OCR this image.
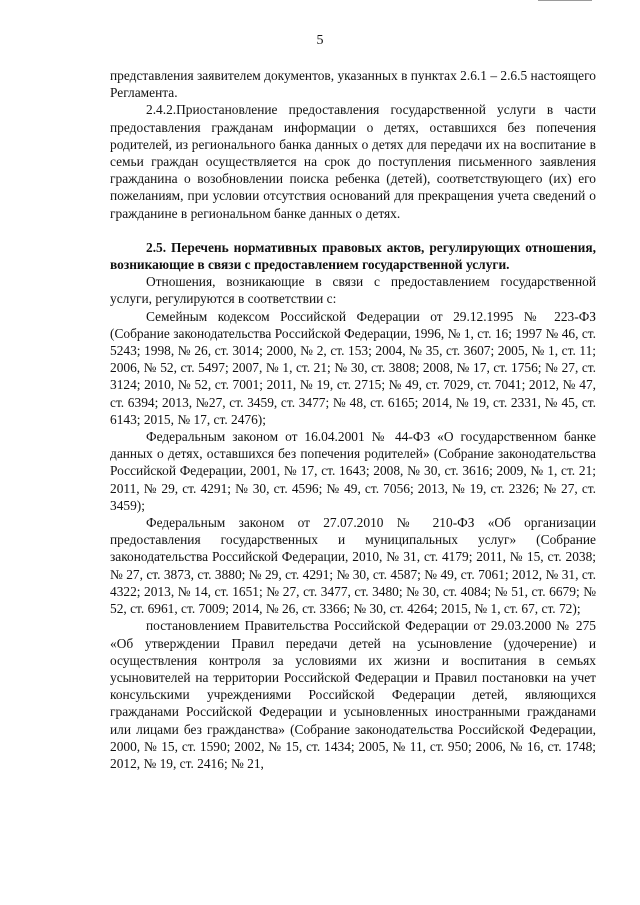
5

представления заявителем документов, указанных в пунктах 2.6.1 – 2.6.5 настоящего Регламента.

2.4.2.Приостановление предоставления государственной услуги в части предоставления гражданам информации о детях, оставшихся без попечения родителей, из регионального банка данных о детях для передачи их на воспитание в семьи граждан осуществляется на срок до поступления письменного заявления гражданина о возобновлении поиска ребенка (детей), соответствующего (их) его пожеланиям, при условии отсутствия оснований для прекращения учета сведений о гражданине в региональном банке данных о детях.

2.5. Перечень нормативных правовых актов, регулирующих отношения, возникающие в связи с предоставлением государственной услуги.

Отношения, возникающие в связи с предоставлением государственной услуги, регулируются в соответствии с:

Семейным кодексом Российской Федерации от 29.12.1995 № 223-ФЗ (Собрание законодательства Российской Федерации, 1996, № 1, ст. 16; 1997 № 46, ст. 5243; 1998, № 26, ст. 3014; 2000, № 2, ст. 153; 2004, № 35, ст. 3607; 2005, № 1, ст. 11; 2006, № 52, ст. 5497; 2007, № 1, ст. 21; № 30, ст. 3808; 2008, № 17, ст. 1756; № 27, ст. 3124; 2010, № 52, ст. 7001; 2011, № 19, ст. 2715; № 49, ст. 7029, ст. 7041; 2012, № 47, ст. 6394; 2013, №27, ст. 3459, ст. 3477; № 48, ст. 6165; 2014, № 19, ст. 2331, № 45, ст. 6143; 2015, № 17, ст. 2476);

Федеральным законом от 16.04.2001 № 44-ФЗ «О государственном банке данных о детях, оставшихся без попечения родителей» (Собрание законодательства Российской Федерации, 2001, № 17, ст. 1643; 2008, № 30, ст. 3616; 2009, № 1, ст. 21; 2011, № 29, ст. 4291; № 30, ст. 4596; № 49, ст. 7056; 2013, № 19, ст. 2326; № 27, ст. 3459);

Федеральным законом от 27.07.2010 № 210-ФЗ «Об организации предоставления государственных и муниципальных услуг» (Собрание законодательства Российской Федерации, 2010, № 31, ст. 4179; 2011, № 15, ст. 2038; № 27, ст. 3873, ст. 3880; № 29, ст. 4291; № 30, ст. 4587; № 49, ст. 7061; 2012, № 31, ст. 4322; 2013, № 14, ст. 1651; № 27, ст. 3477, ст. 3480; № 30, ст. 4084; № 51, ст. 6679; № 52, ст. 6961, ст. 7009; 2014, № 26, ст. 3366; № 30, ст. 4264; 2015, № 1, ст. 67, ст. 72);

постановлением Правительства Российской Федерации от 29.03.2000 № 275 «Об утверждении Правил передачи детей на усыновление (удочерение) и осуществления контроля за условиями их жизни и воспитания в семьях усыновителей на территории Российской Федерации и Правил постановки на учет консульскими учреждениями Российской Федерации детей, являющихся гражданами Российской Федерации и усыновленных иностранными гражданами или лицами без гражданства» (Собрание законодательства Российской Федерации, 2000, № 15, ст. 1590; 2002, № 15, ст. 1434; 2005, № 11, ст. 950; 2006, № 16, ст. 1748; 2012, № 19, ст. 2416; № 21,
